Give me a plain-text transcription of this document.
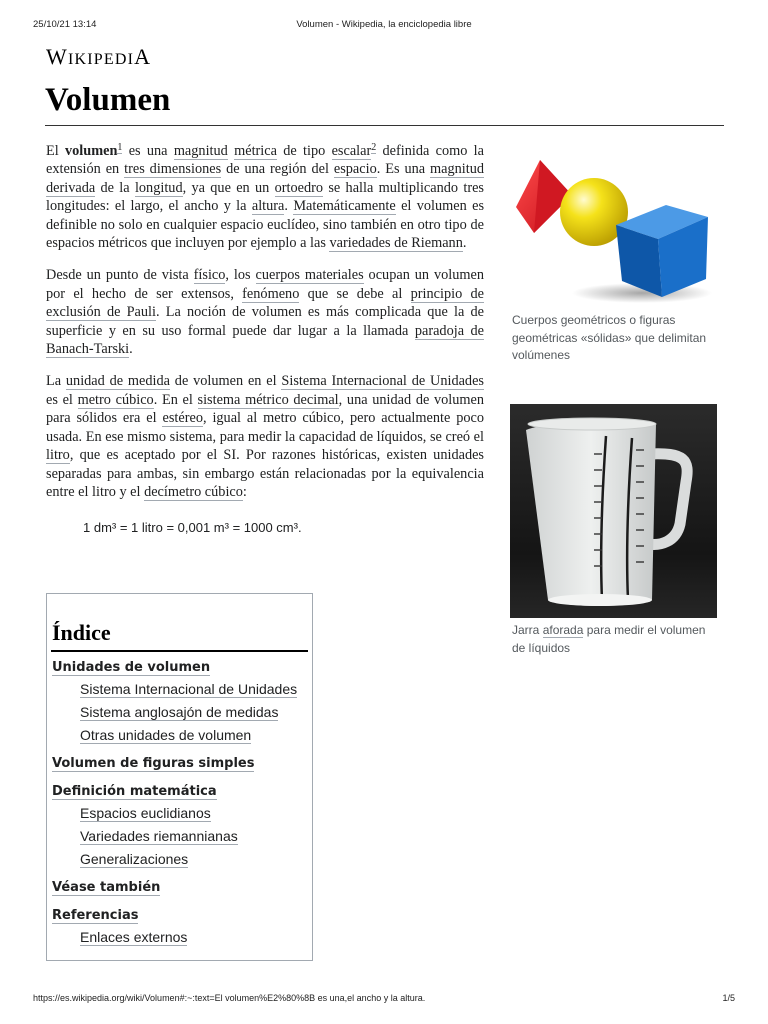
25/10/21 13:14	Volumen - Wikipedia, la enciclopedia libre
WIKIPEDIA
Volumen

El volumen$^1$ es una magnitud métrica de tipo escalar$^2$ definida como la extensión en tres dimensiones de una región del espacio. Es una magnitud derivada de la longitud, ya que en un ortoedro se halla multiplicando tres longitudes: el largo, el ancho y la altura. Matemáticamente el volumen es definible no solo en cualquier espacio euclídeo, sino también en otro tipo de espacios métricos que incluyen por ejemplo a las variedades de Riemann.

Desde un punto de vista físico, los cuerpos materiales ocupan un volumen por el hecho de ser extensos, fenómeno que se debe al principio de exclusión de Pauli. La noción de volumen es más complicada que la de superficie y en su uso formal puede dar lugar a la llamada paradoja de Banach-Tarski.

La unidad de medida de volumen en el Sistema Internacional de Unidades es el metro cúbico. En el sistema métrico decimal, una unidad de volumen para sólidos era el estéreo, igual al metro cúbico, pero actualmente poco usada. En ese mismo sistema, para medir la capacidad de líquidos, se creó el litro, que es aceptado por el SI. Por razones históricas, existen unidades separadas para ambas, sin embargo están relacionadas por la equivalencia entre el litro y el decímetro cúbico:

1 dm³ = 1 litro = 0,001 m³ = 1000 cm³.
Índice
Unidades de volumen
Sistema Internacional de Unidades
Sistema anglosajón de medidas
Otras unidades de volumen
Volumen de figuras simples
Definición matemática
Espacios euclidianos
Variedades riemannianas
Generalizaciones
Véase también
Referencias
Enlaces externos
Cuerpos geométricos o figuras geométricas «sólidas» que delimitan volúmenes
Jarra aforada para medir el volumen de líquidos
https://es.wikipedia.org/wiki/Volumen#:~:text=El volumen%E2%80%8B es una,el ancho y la altura.	1/5
